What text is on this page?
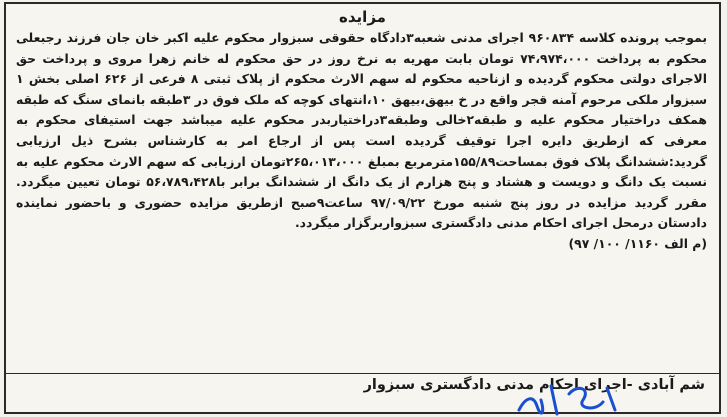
مزایده

بموجب پرونده کلاسه ۹۶۰۸۳۴ اجرای مدنی شعبه۳دادگاه حقوقی سبزوار محکوم علیه اکبر خان جان فرزند رجبعلی محکوم به پرداخت ۷۴،۹۷۴،۰۰۰ تومان بابت مهریه به نرخ روز در حق محکوم له خانم زهرا مروی و پرداخت حق الاجرای دولتی محکوم گردیده و ازناحیه محکوم له سهم الارث محکوم از پلاک ثبتی ۸ فرعی از ۶۲۶ اصلی بخش ۱ سبزوار ملکی مرحوم آمنه قجر واقع در خ بیهق،بیهق ۱۰،انتهای کوچه که ملک فوق در ۳طبقه بانمای سنگ که طبقه همکف دراختیار محکوم علیه و طبقه۲خالی وطبقه۳دراختیاربدر محکوم علیه میباشد جهت استیفای محکوم به معرفی که ازطریق دایره اجرا توقیف گردیده است پس از ارجاع امر به کارشناس بشرح ذیل ارزیابی گردید:ششدانگ پلاک فوق بمساحت۱۵۵/۸۹مترمربع بمبلغ ۲۶۵،۰۱۳،۰۰۰تومان ارزیابی که سهم الارث محکوم علیه به نسبت یک دانگ و دویست و هشتاد و پنج هزارم از یک دانگ از ششدانگ برابر با۵۶،۷۸۹،۴۲۸ تومان تعیین میگردد. مقرر گردید مزایده در روز پنج شنبه مورخ ۹۷/۰۹/۲۲ ساعت۹صبح ازطریق مزایده حضوری و باحضور نماینده دادستان درمحل اجرای احکام مدنی دادگستری سبزواربرگزار میگردد.

(م الف ۱۱۶۰/ ۱۰۰/ ۹۷)

شم آبادی -اجرای احکام مدنی دادگستری سبزوار
